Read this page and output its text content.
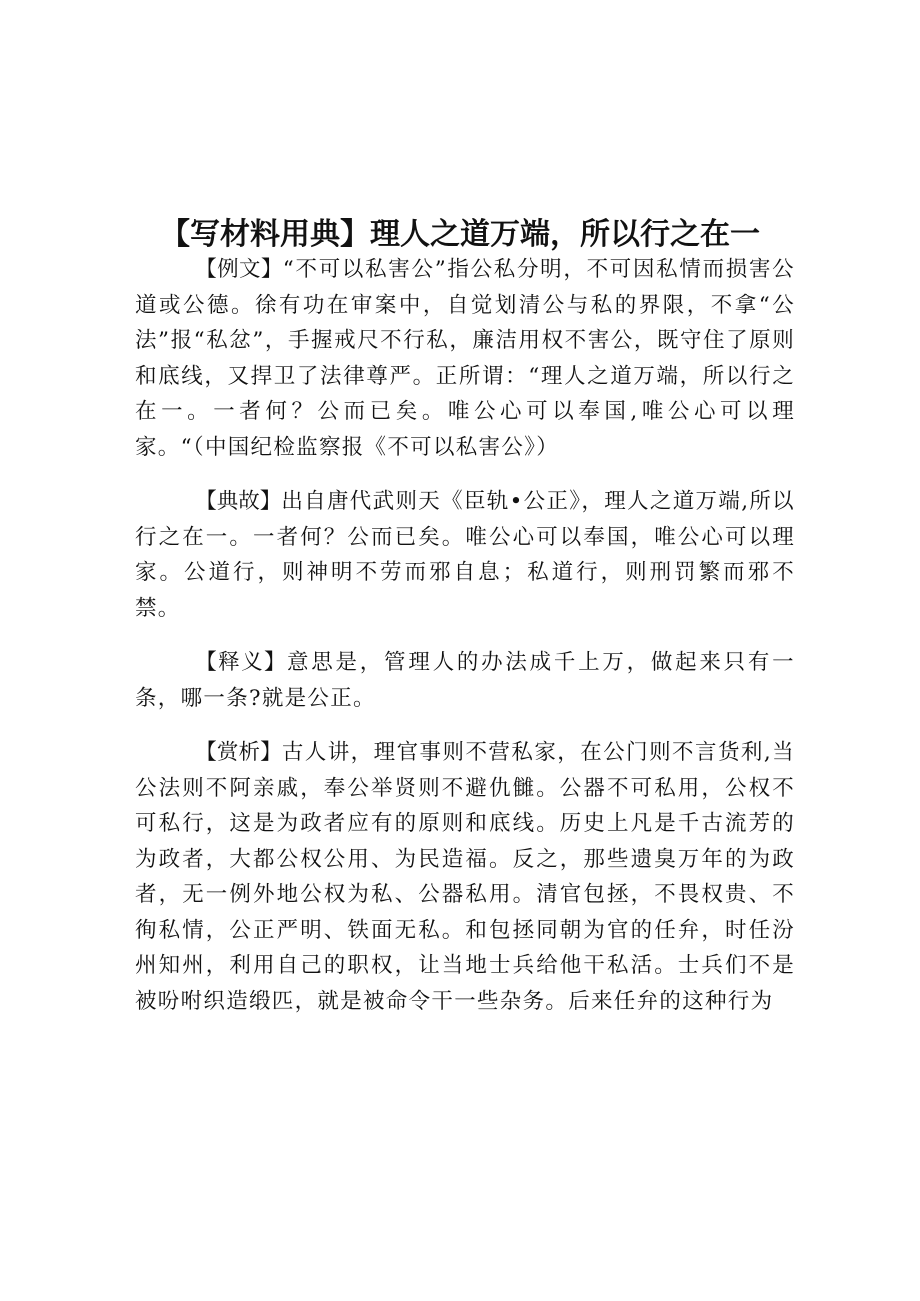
【写材料用典】理人之道万端，所以行之在一

【例文】“不可以私害公”指公私分明，不可因私情而损害公道或公德。徐有功在审案中，自觉划清公与私的界限，不拿“公法”报“私忿”，手握戒尺不行私，廉洁用权不害公，既守住了原则和底线，又捍卫了法律尊严。正所谓：“理人之道万端，所以行之在一。一者何？公而已矣。唯公心可以奉国,唯公心可以理家。“（中国纪检监察报《不可以私害公》）

【典故】出自唐代武则天《臣轨•公正》，理人之道万端,所以行之在一。一者何？公而已矣。唯公心可以奉国，唯公心可以理家。公道行，则神明不劳而邪自息；私道行，则刑罚繁而邪不禁。

【释义】意思是，管理人的办法成千上万，做起来只有一条，哪一条?就是公正。

【赏析】古人讲，理官事则不营私家，在公门则不言货利,当公法则不阿亲戚，奉公举贤则不避仇雠。公器不可私用，公权不可私行，这是为政者应有的原则和底线。历史上凡是千古流芳的为政者，大都公权公用、为民造福。反之，那些遗臭万年的为政者，无一例外地公权为私、公器私用。清官包拯，不畏权贵、不徇私情，公正严明、铁面无私。和包拯同朝为官的任弁，时任汾州知州，利用自己的职权，让当地士兵给他干私活。士兵们不是被吩咐织造缎匹，就是被命令干一些杂务。后来任弁的这种行为
